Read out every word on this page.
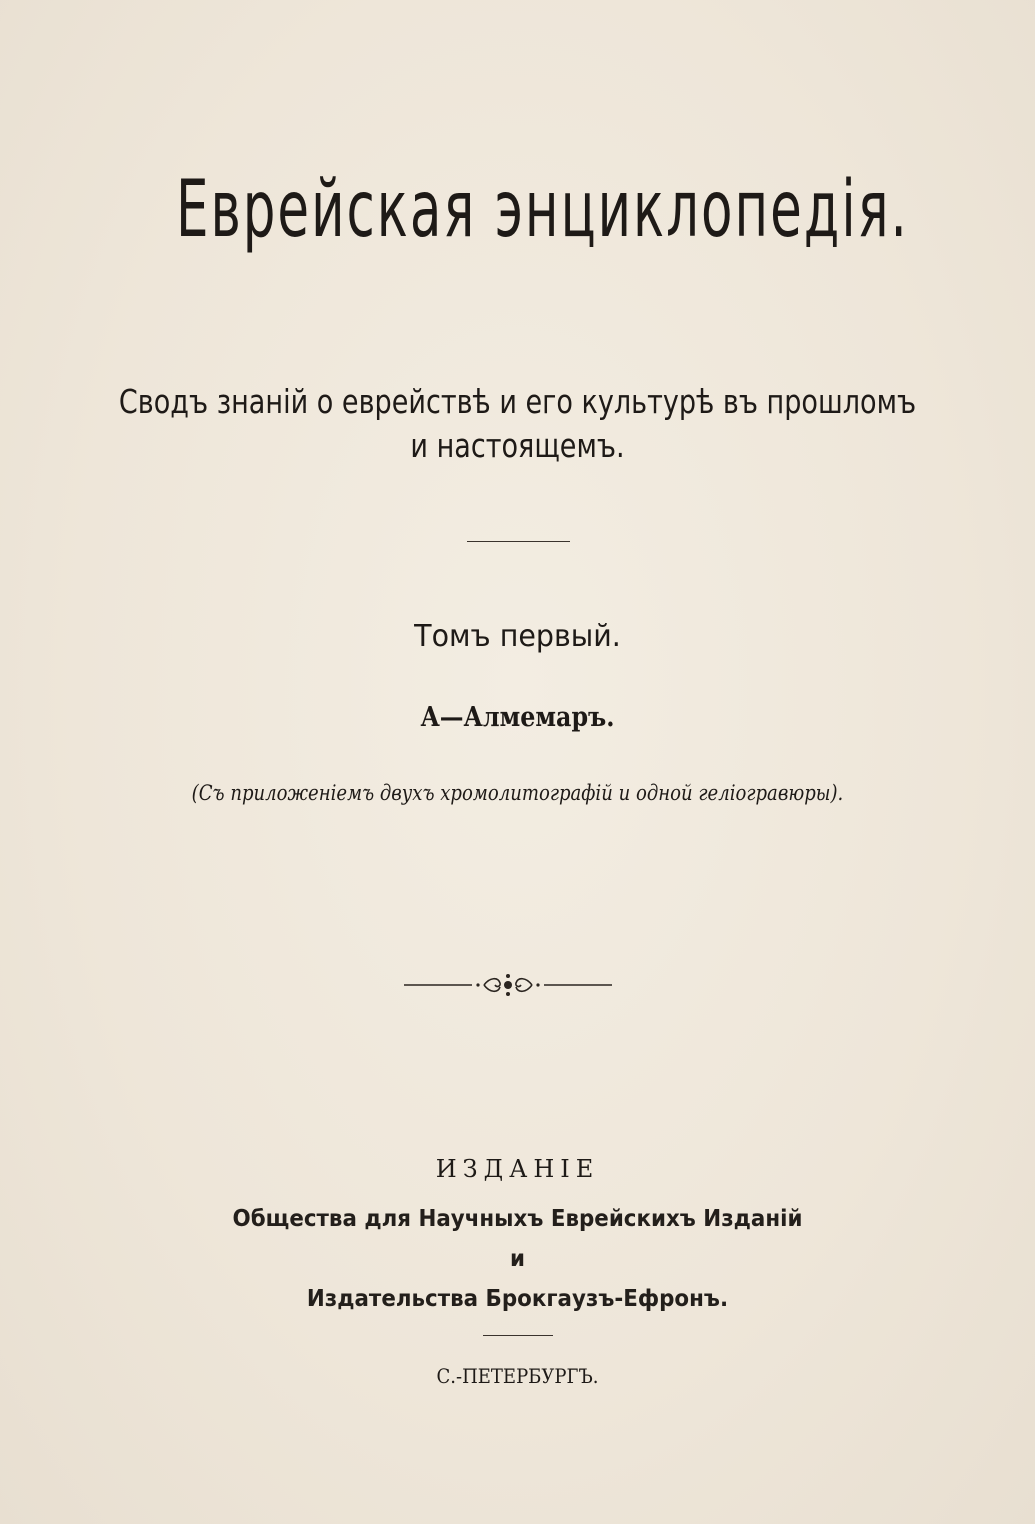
Еврейская энциклопедія.
Сводъ знаній о еврействѣ и его культурѣ въ прошломъ
и настоящемъ.
Томъ первый.
А—Алмемаръ.
(Съ приложеніемъ двухъ хромолитографій и одной геліогравюры).
ИЗДАНІЕ
Общества для Научныхъ Еврейскихъ Изданій
и
Издательства Брокгаузъ-Ефронъ.
С.-ПЕТЕРБУРГЪ.
